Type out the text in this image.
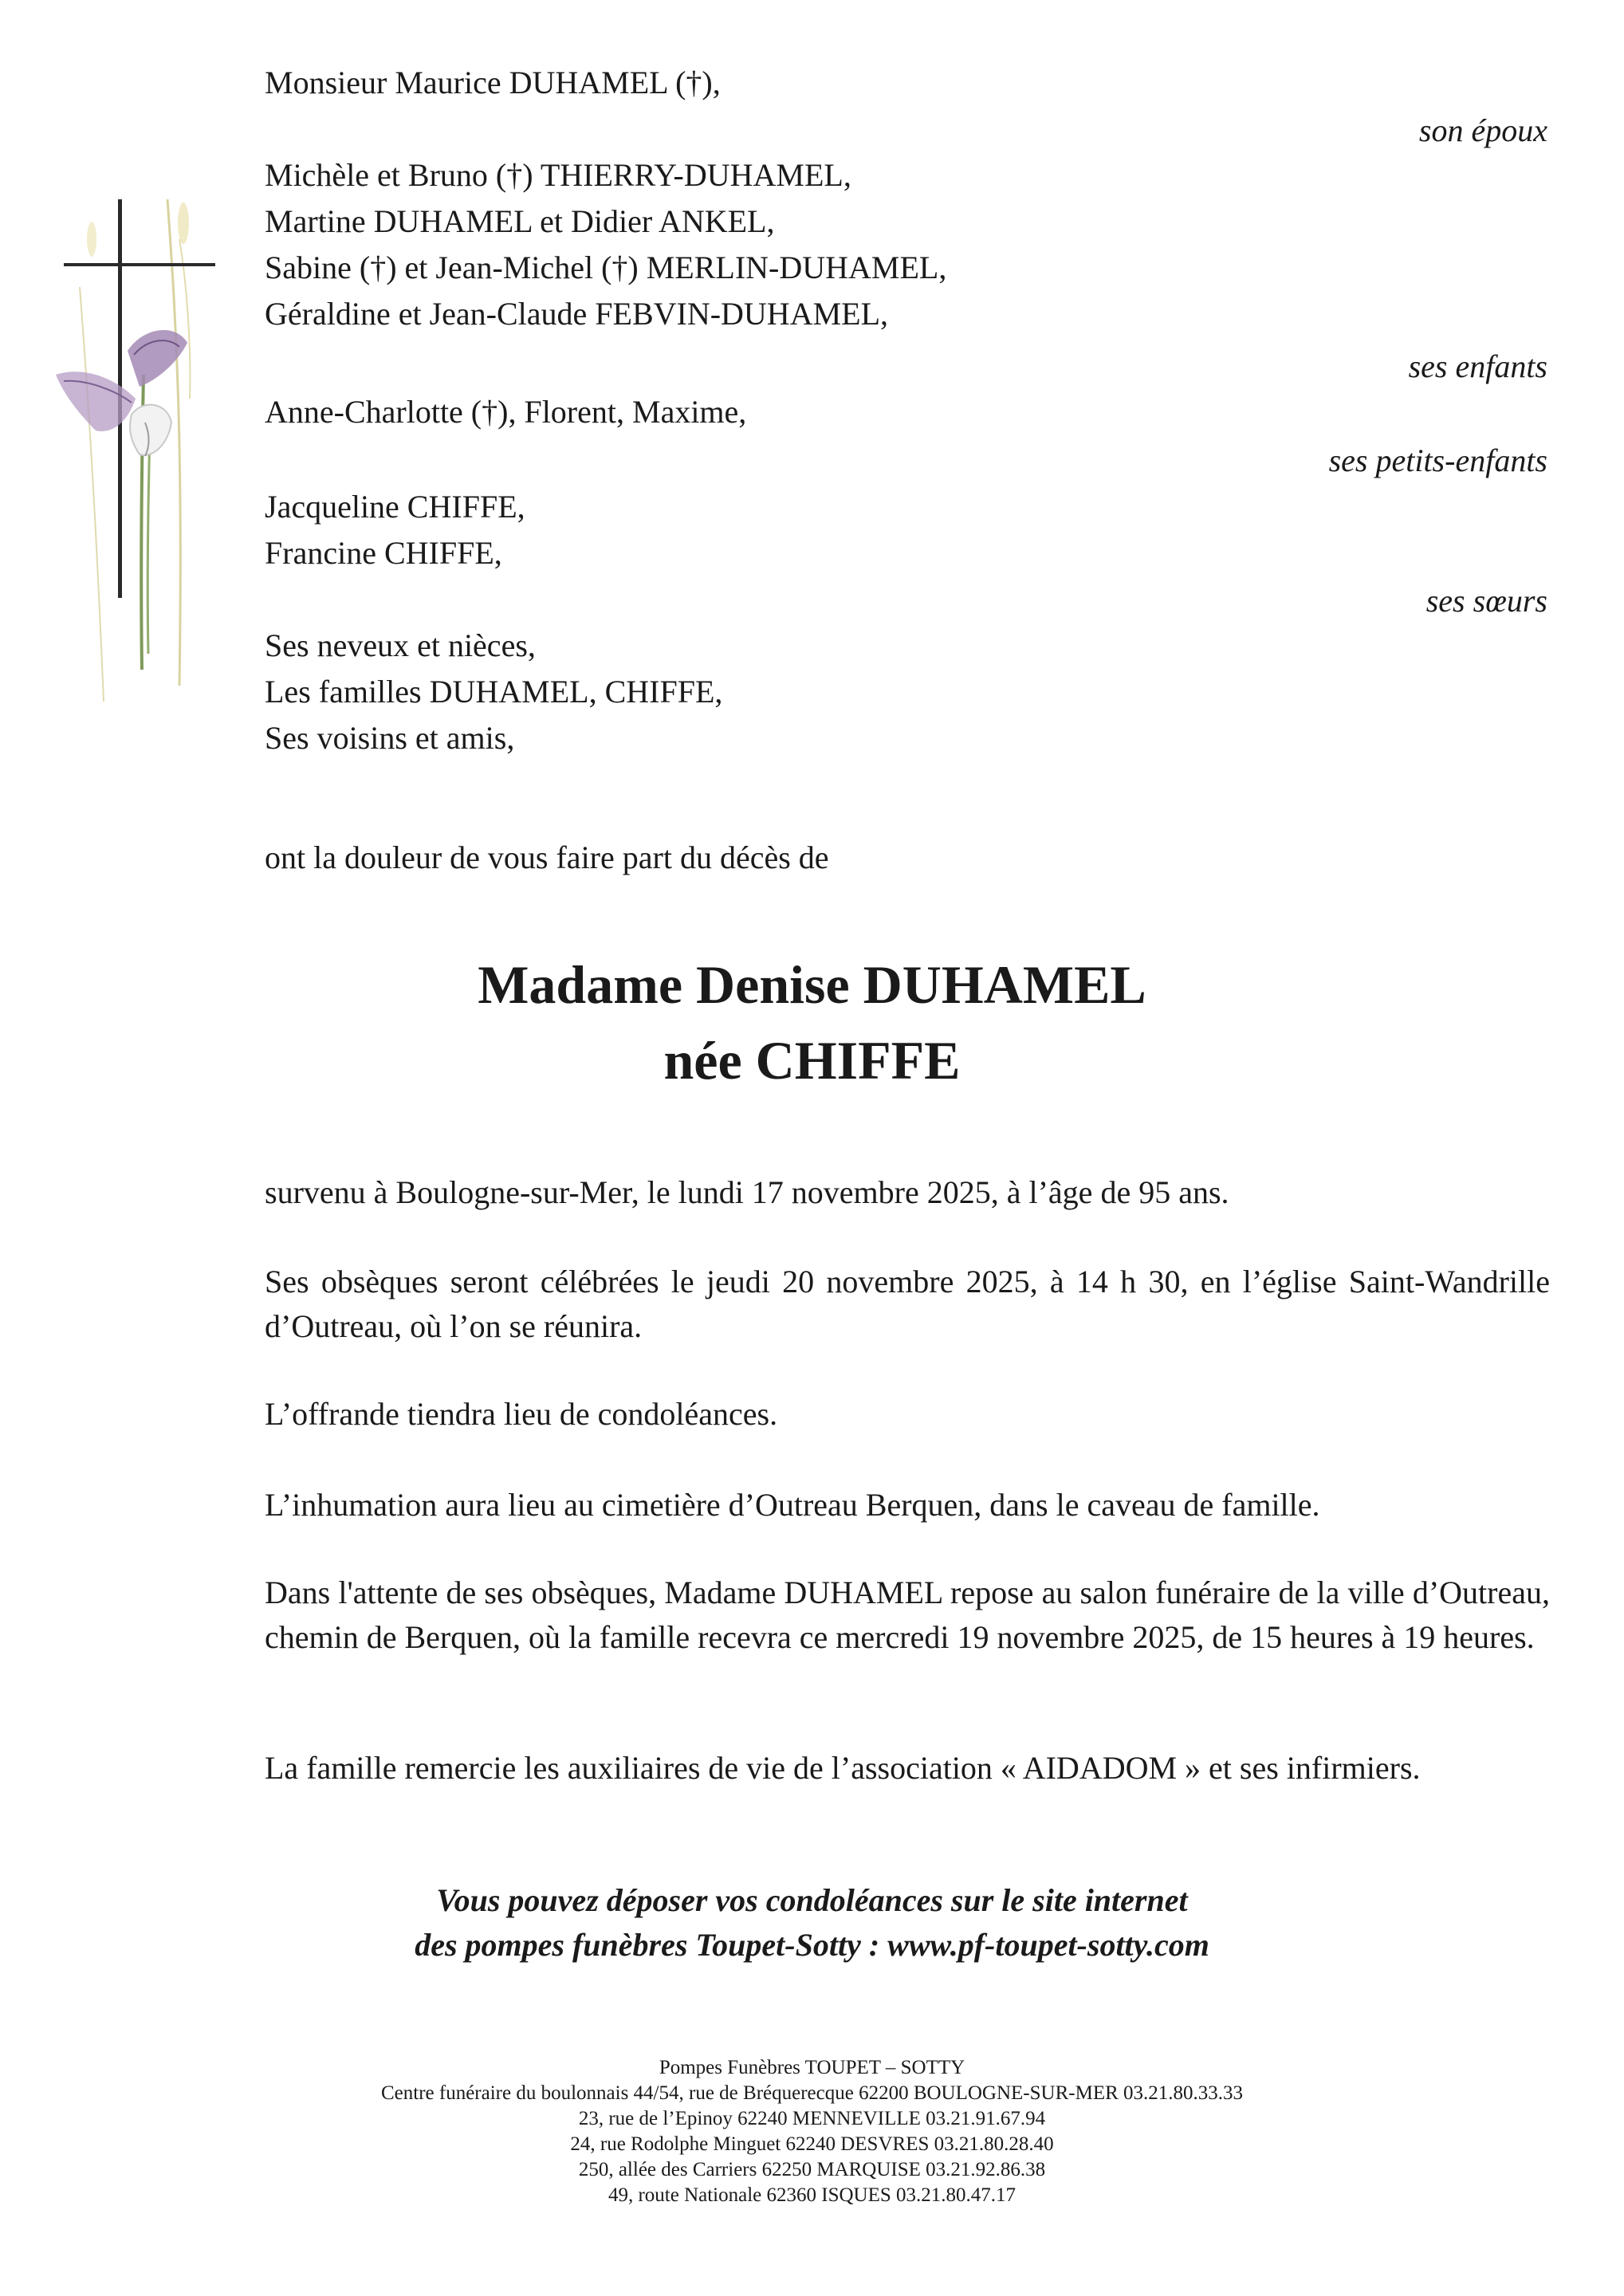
Monsieur Maurice DUHAMEL (†),
son époux
Michèle et Bruno (†) THIERRY-DUHAMEL,
Martine DUHAMEL et Didier ANKEL,
Sabine (†) et Jean-Michel (†) MERLIN-DUHAMEL,
Géraldine et Jean-Claude FEBVIN-DUHAMEL,
ses enfants
Anne-Charlotte (†), Florent, Maxime,
ses petits-enfants
Jacqueline CHIFFE,
Francine CHIFFE,
ses sœurs
Ses neveux et nièces,
Les familles DUHAMEL, CHIFFE,
Ses voisins et amis,
ont la douleur de vous faire part du décès de
Madame Denise DUHAMEL
née CHIFFE
survenu à Boulogne-sur-Mer, le lundi 17 novembre 2025, à l’âge de 95 ans.
Ses obsèques seront célébrées le jeudi 20 novembre 2025, à 14 h 30, en l’église Saint-Wandrille d’Outreau, où l’on se réunira.
L’offrande tiendra lieu de condoléances.
L’inhumation aura lieu au cimetière d’Outreau Berquen, dans le caveau de famille.
Dans l'attente de ses obsèques, Madame DUHAMEL repose au salon funéraire de la ville d’Outreau, chemin de Berquen, où la famille recevra ce mercredi 19 novembre 2025, de 15 heures à 19 heures.
La famille remercie les auxiliaires de vie de l’association « AIDADOM » et ses infirmiers.
Vous pouvez déposer vos condoléances sur le site internet
des pompes funèbres Toupet-Sotty : www.pf-toupet-sotty.com
Pompes Funèbres TOUPET – SOTTY
Centre funéraire du boulonnais 44/54, rue de Bréquerecque 62200 BOULOGNE-SUR-MER 03.21.80.33.33
23, rue de l’Epinoy 62240 MENNEVILLE 03.21.91.67.94
24, rue Rodolphe Minguet 62240 DESVRES 03.21.80.28.40
250, allée des Carriers 62250 MARQUISE 03.21.92.86.38
49, route Nationale 62360 ISQUES 03.21.80.47.17
